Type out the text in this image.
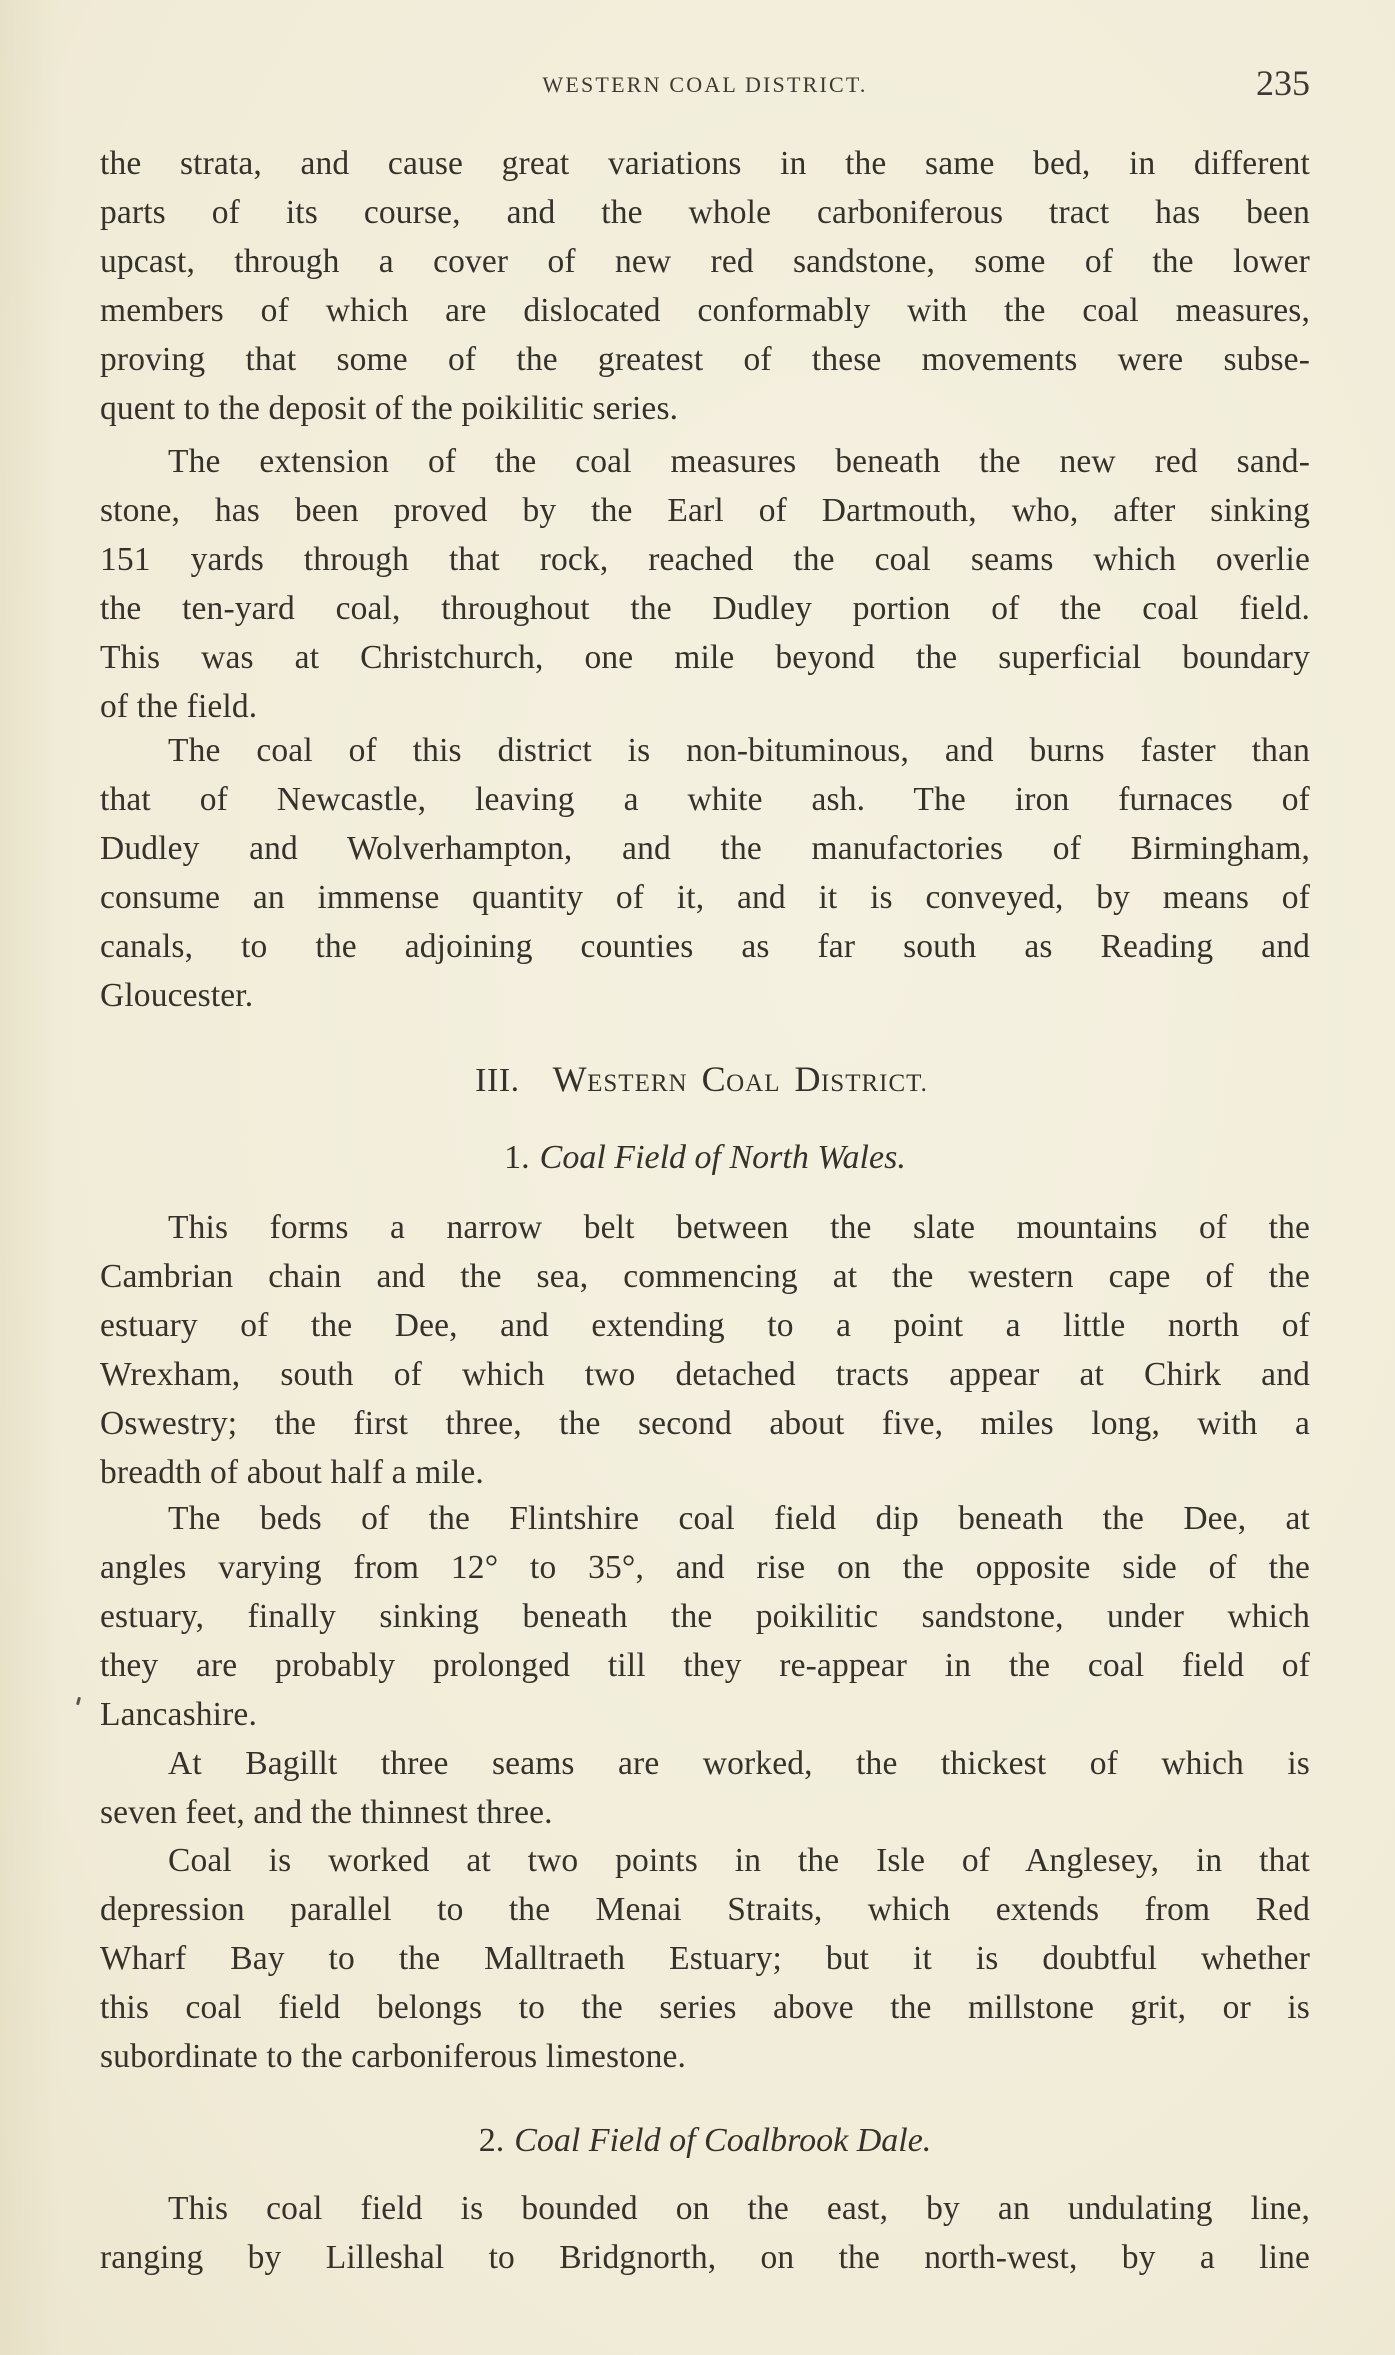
WESTERN COAL DISTRICT.	235
the strata, and cause great variations in the same bed, in different
parts of its course, and the whole carboniferous tract has been
upcast, through a cover of new red sandstone, some of the lower
members of which are dislocated conformably with the coal measures,
proving that some of the greatest of these movements were subse-
quent to the deposit of the poikilitic series.
The extension of the coal measures beneath the new red sand-
stone, has been proved by the Earl of Dartmouth, who, after sinking
151 yards through that rock, reached the coal seams which overlie
the ten-yard coal, throughout the Dudley portion of the coal field.
This was at Christchurch, one mile beyond the superficial boundary
of the field.
The coal of this district is non-bituminous, and burns faster than
that of Newcastle, leaving a white ash. The iron furnaces of
Dudley and Wolverhampton, and the manufactories of Birmingham,
consume an immense quantity of it, and it is conveyed, by means of
canals, to the adjoining counties as far south as Reading and
Gloucester.
III. WESTERN COAL DISTRICT.
1. Coal Field of North Wales.
This forms a narrow belt between the slate mountains of the
Cambrian chain and the sea, commencing at the western cape of the
estuary of the Dee, and extending to a point a little north of
Wrexham, south of which two detached tracts appear at Chirk and
Oswestry; the first three, the second about five, miles long, with a
breadth of about half a mile.
The beds of the Flintshire coal field dip beneath the Dee, at
angles varying from 12° to 35°, and rise on the opposite side of the
estuary, finally sinking beneath the poikilitic sandstone, under which
they are probably prolonged till they re-appear in the coal field of
Lancashire.
At Bagillt three seams are worked, the thickest of which is
seven feet, and the thinnest three.
Coal is worked at two points in the Isle of Anglesey, in that
depression parallel to the Menai Straits, which extends from Red
Wharf Bay to the Malltraeth Estuary; but it is doubtful whether
this coal field belongs to the series above the millstone grit, or is
subordinate to the carboniferous limestone.
2. Coal Field of Coalbrook Dale.
This coal field is bounded on the east, by an undulating line,
ranging by Lilleshal to Bridgnorth, on the north-west, by a line
